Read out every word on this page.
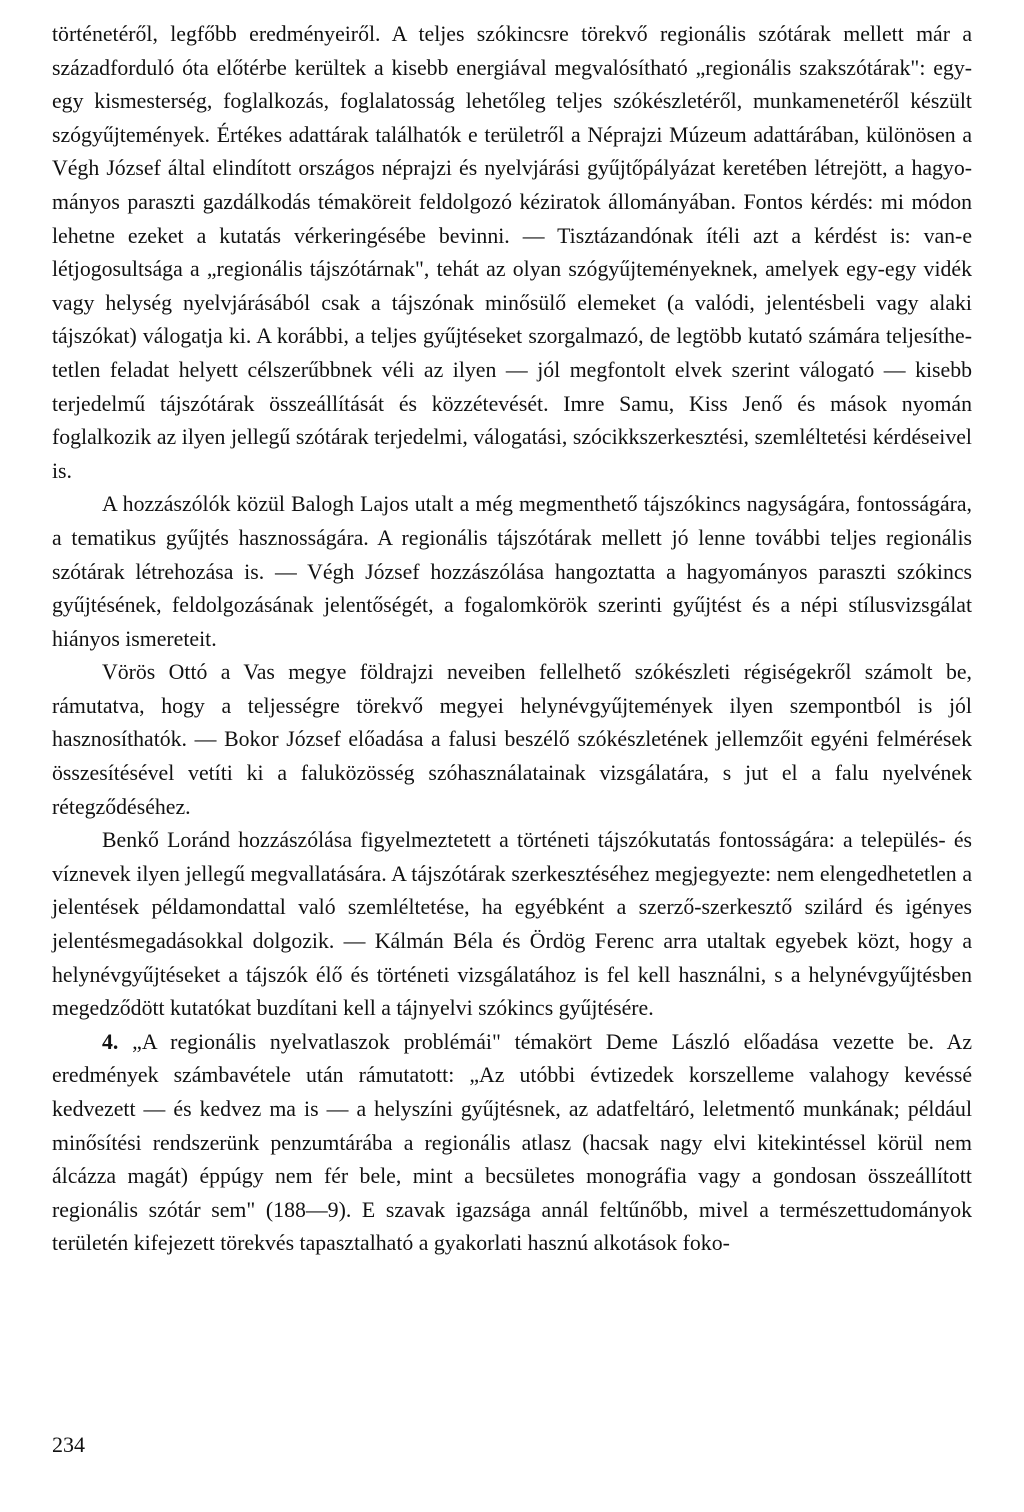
történetéről, legfőbb eredményeiről. A teljes szókincsre törekvő regionális szótárak mellett már a századforduló óta előtérbe kerültek a kisebb energiával megvalósítható „regionális szakszótárak": egy-egy kismesterség, foglalkozás, foglalatosság lehetőleg teljes szókészletéről, munkamenetéről készült szógyűjtemények. Értékes adattárak találhatók e területről a Néprajzi Múzeum adattárában, különösen a Végh József által elindított országos néprajzi és nyelvjárási gyűjtőpályázat keretében létrejött, a hagyományos paraszti gazdálkodás témaköreit feldolgozó kéziratok állományában. Fontos kérdés: mi módon lehetne ezeket a kutatás vérkeringésébe bevinni. — Tisztázandónak ítéli azt a kérdést is: van-e létjogosultsága a „regionális tájszótárnak", tehát az olyan szógyűjteményeknek, amelyek egy-egy vidék vagy helység nyelvjárásából csak a tájszónak minősülő elemeket (a valódi, jelentésbeli vagy alaki tájszókat) válogatja ki. A korábbi, a teljes gyűjtéseket szorgalmazó, de legtöbb kutató számára teljesíthetetlen feladat helyett célszerűbbnek véli az ilyen — jól megfontolt elvek szerint válogató — kisebb terjedelmű tájszótárak összeállítását és közzétevését. Imre Samu, Kiss Jenő és mások nyomán foglalkozik az ilyen jellegű szótárak terjedelmi, válogatási, szócikkszerkesztési, szemléltetési kérdéseivel is.

A hozzászólók közül Balogh Lajos utalt a még megmenthető tájszókincs nagyságára, fontosságára, a tematikus gyűjtés hasznosságára. A regionális tájszótárak mellett jó lenne további teljes regionális szótárak létrehozása is. — Végh József hozzászólása hangoztatta a hagyományos paraszti szókincs gyűjtésének, feldolgozásának jelentőségét, a fogalomkörök szerinti gyűjtést és a népi stílusvizsgálat hiányos ismereteit.

Vörös Ottó a Vas megye földrajzi neveiben fellelhető szókészleti régiségekről számolt be, rámutatva, hogy a teljességre törekvő megyei helynévgyűjtemények ilyen szempontból is jól hasznosíthatók. — Bokor József előadása a falusi beszélő szókészletének jellemzőit egyéni felmérések összesítésével vetíti ki a faluközösség szóhasználatainak vizsgálatára, s jut el a falu nyelvének rétegződéséhez.

Benkő Loránd hozzászólása figyelmeztetett a történeti tájszókutatás fontosságára: a település- és víznevek ilyen jellegű megvallatására. A tájszótárak szerkesztéséhez megjegyezte: nem elengedhetetlen a jelentések példamondattal való szemléltetése, ha egyébként a szerző-szerkesztő szilárd és igényes jelentésmegadásokkal dolgozik. — Kálmán Béla és Ördög Ferenc arra utaltak egyebek közt, hogy a helynévgyűjtéseket a tájszók élő és történeti vizsgálatához is fel kell használni, s a helynévgyűjtésben megedződött kutatókat buzdítani kell a tájnyelvi szókincs gyűjtésére.

4. „A regionális nyelvatlaszok problémái" témakört Deme László előadása vezette be. Az eredmények számbavétele után rámutatott: „Az utóbbi évtizedek korszelleme valahogy kevéssé kedvezett — és kedvez ma is — a helyszíni gyűjtésnek, az adatfeltáró, leletmentő munkának; például minősítési rendszerünk penzumtárába a regionális atlasz (hacsak nagy elvi kitekintéssel körül nem álcázza magát) éppúgy nem fér bele, mint a becsületes monográfia vagy a gondosan összeállított regionális szótár sem" (188—9). E szavak igazsága annál feltűnőbb, mivel a természettudományok területén kifejezett törekvés tapasztalható a gyakorlati hasznú alkotások foko-

234
